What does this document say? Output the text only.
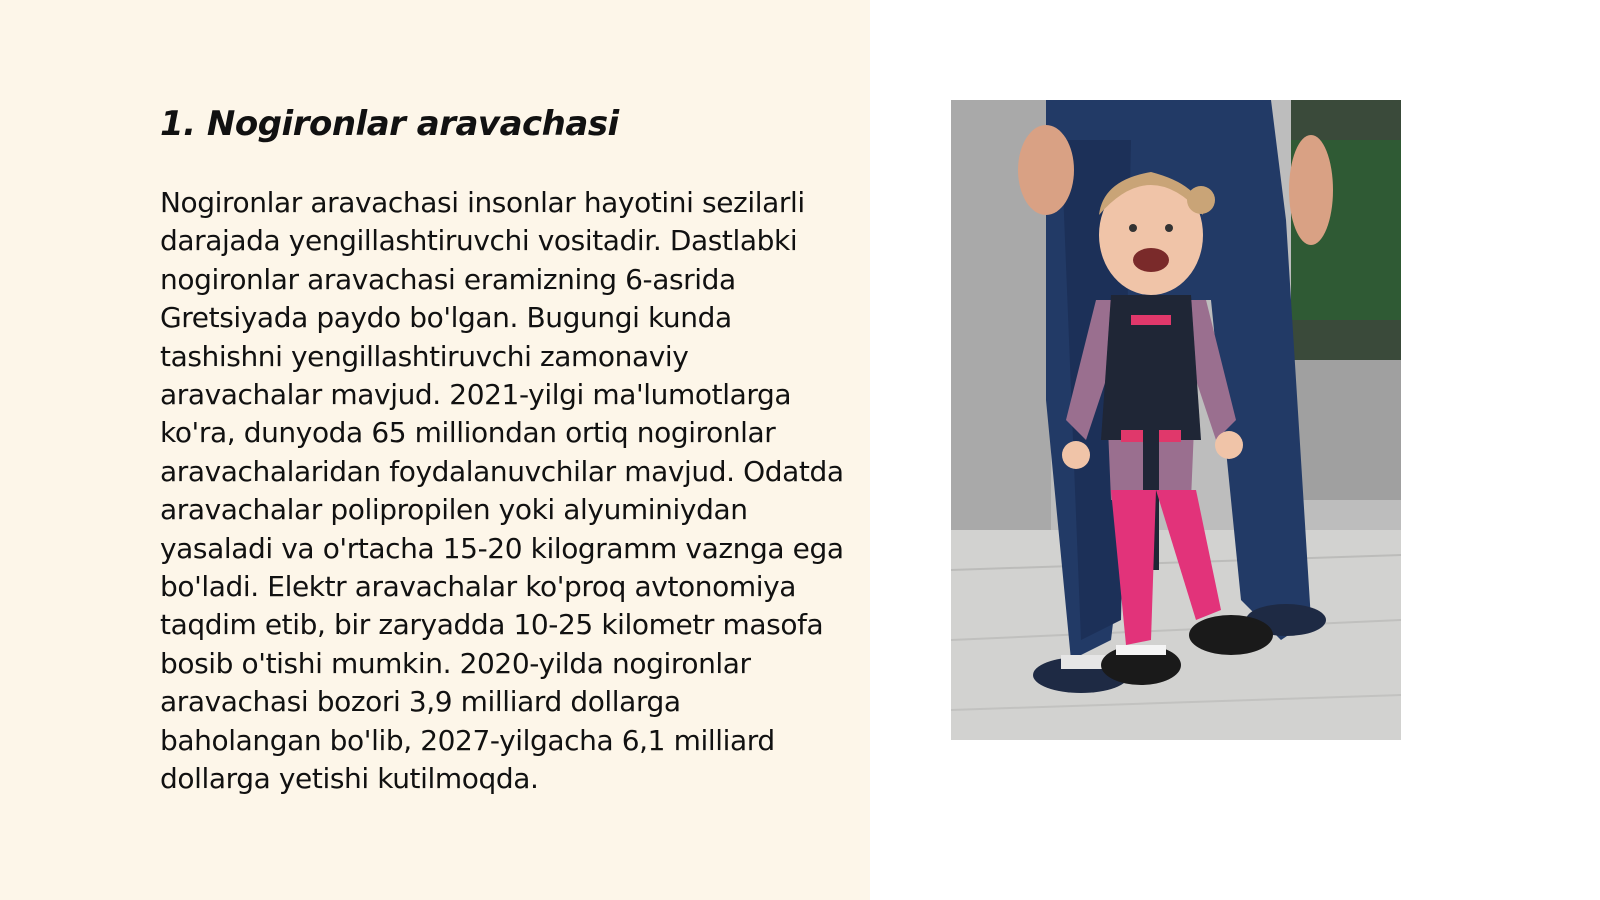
1. Nogironlar aravachasi

Nogironlar aravachasi insonlar hayotini sezilarli darajada yengillashtiruvchi vositadir. Dastlabki nogironlar aravachasi eramizning 6-asrida Gretsiyada paydo bo'lgan. Bugungi kunda tashishni yengillashtiruvchi zamonaviy aravachalar mavjud. 2021-yilgi ma'lumotlarga ko'ra, dunyoda 65 milliondan ortiq nogironlar aravachalaridan foydalanuvchilar mavjud. Odatda aravachalar polipropilen yoki alyuminiydan yasaladi va o'rtacha 15-20 kilogramm vaznga ega bo'ladi. Elektr aravachalar ko'proq avtonomiya taqdim etib, bir zaryadda 10-25 kilometr masofa bosib o'tishi mumkin. 2020-yilda nogironlar aravachasi bozori 3,9 milliard dollarga baholangan bo'lib, 2027-yilgacha 6,1 milliard dollarga yetishi kutilmoqda.
